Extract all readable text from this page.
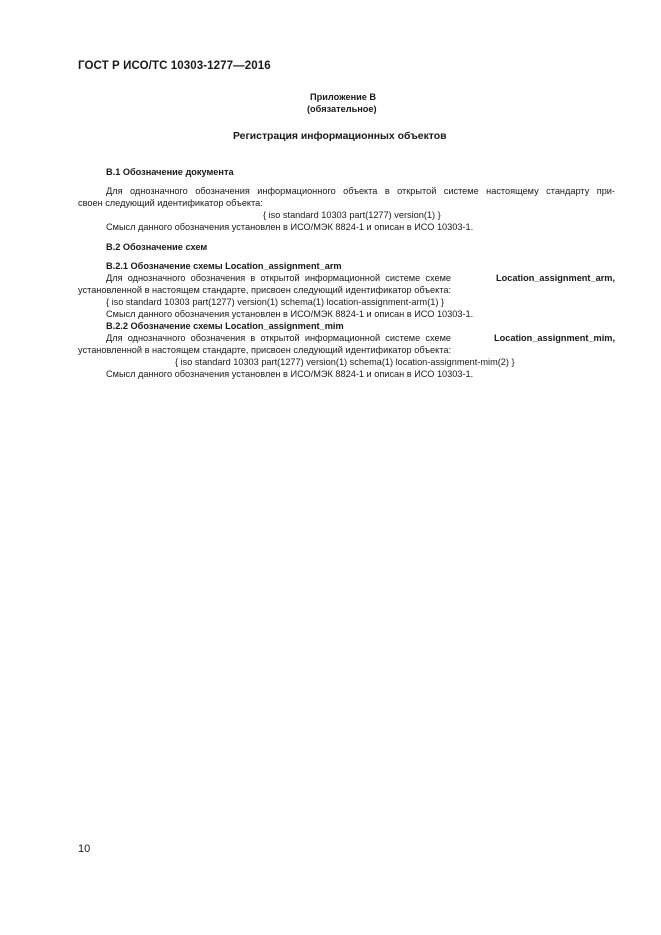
ГОСТ Р ИСО/ТС 10303-1277—2016
Приложение В
(обязательное)
Регистрация информационных объектов
В.1 Обозначение документа
Для однозначного обозначения информационного объекта в открытой системе настоящему стандарту при-
своен следующий идентификатор объекта:
{ iso standard 10303 part(1277) version(1) }
Смысл данного обозначения установлен в ИСО/МЭК 8824-1 и описан в ИСО 10303-1.
В.2 Обозначение схем
В.2.1 Обозначение схемы Location_assignment_arm
Для однозначного обозначения в открытой информационной системе схеме	Location_assignment_arm,
установленной в настоящем стандарте, присвоен следующий идентификатор объекта:
{ iso standard 10303 part(1277) version(1) schema(1) location-assignment-arm(1) }
Смысл данного обозначения установлен в ИСО/МЭК 8824-1 и описан в ИСО 10303-1.
В.2.2 Обозначение схемы Location_assignment_mim
Для однозначного обозначения в открытой информационной системе схеме	Location_assignment_mim,
установленной в настоящем стандарте, присвоен следующий идентификатор объекта:
{ iso standard 10303 part(1277) version(1) schema(1) location-assignment-mim(2) }
Смысл данного обозначения установлен в ИСО/МЭК 8824-1 и описан в ИСО 10303-1.
10
